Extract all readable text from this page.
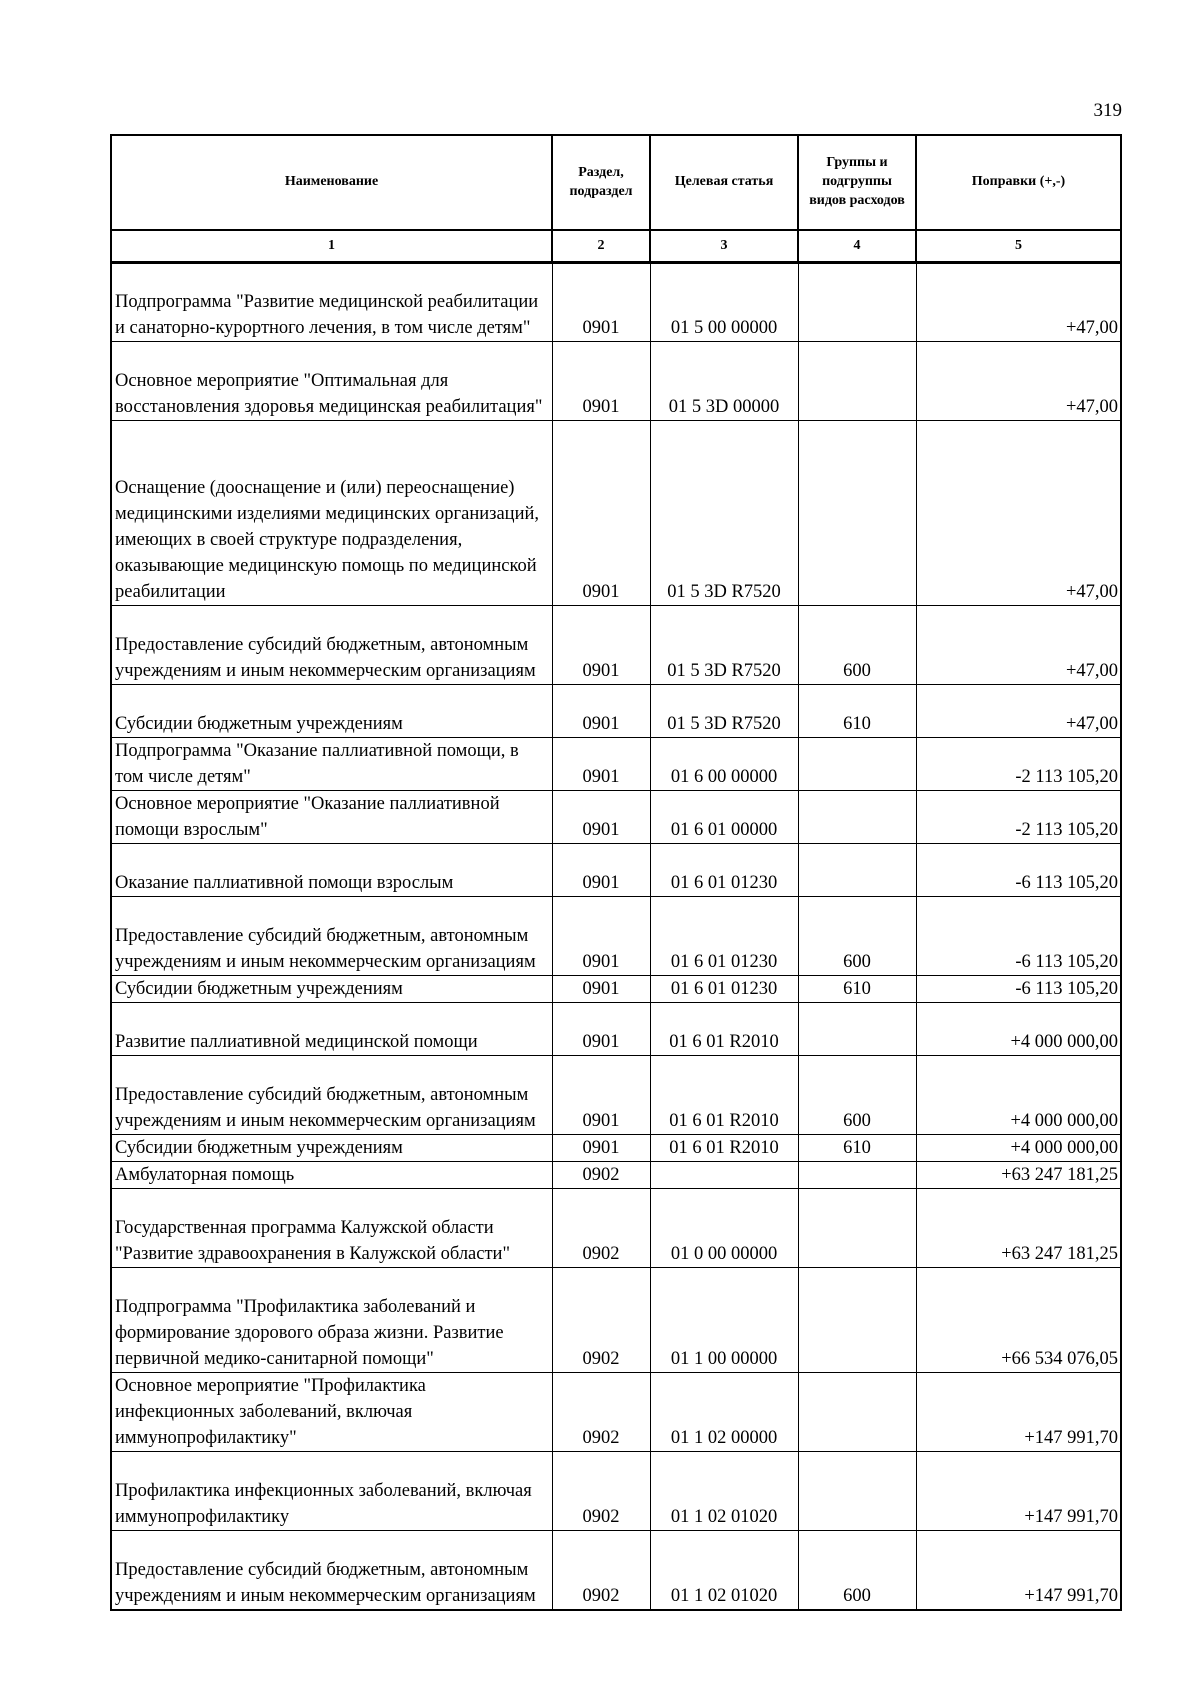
319
Наименование	Раздел, подраздел	Целевая статья	Группы и подгруппы видов расходов	Поправки (+,-)
1	2	3	4	5
Подпрограмма "Развитие медицинской реабилитации и санаторно-курортного лечения, в том числе детям"	0901	01 5 00 00000		+47,00
Основное мероприятие "Оптимальная для восстановления здоровья медицинская реабилитация"	0901	01 5 3D 00000		+47,00
Оснащение (дооснащение и (или) переоснащение) медицинскими изделиями медицинских организаций, имеющих в своей структуре подразделения, оказывающие медицинскую помощь по медицинской реабилитации	0901	01 5 3D R7520		+47,00
Предоставление субсидий бюджетным, автономным учреждениям и иным некоммерческим организациям	0901	01 5 3D R7520	600	+47,00
Субсидии бюджетным учреждениям	0901	01 5 3D R7520	610	+47,00
Подпрограмма "Оказание паллиативной помощи, в том числе детям"	0901	01 6 00 00000		-2 113 105,20
Основное мероприятие "Оказание паллиативной помощи взрослым"	0901	01 6 01 00000		-2 113 105,20
Оказание паллиативной помощи взрослым	0901	01 6 01 01230		-6 113 105,20
Предоставление субсидий бюджетным, автономным учреждениям и иным некоммерческим организациям	0901	01 6 01 01230	600	-6 113 105,20
Субсидии бюджетным учреждениям	0901	01 6 01 01230	610	-6 113 105,20
Развитие паллиативной медицинской помощи	0901	01 6 01 R2010		+4 000 000,00
Предоставление субсидий бюджетным, автономным учреждениям и иным некоммерческим организациям	0901	01 6 01 R2010	600	+4 000 000,00
Субсидии бюджетным учреждениям	0901	01 6 01 R2010	610	+4 000 000,00
Амбулаторная помощь	0902			+63 247 181,25
Государственная программа Калужской области "Развитие здравоохранения в Калужской области"	0902	01 0 00 00000		+63 247 181,25
Подпрограмма "Профилактика заболеваний и формирование здорового образа жизни. Развитие первичной медико-санитарной помощи"	0902	01 1 00 00000		+66 534 076,05
Основное мероприятие "Профилактика инфекционных заболеваний, включая иммунопрофилактику"	0902	01 1 02 00000		+147 991,70
Профилактика инфекционных заболеваний, включая иммунопрофилактику	0902	01 1 02 01020		+147 991,70
Предоставление субсидий бюджетным, автономным учреждениям и иным некоммерческим организациям	0902	01 1 02 01020	600	+147 991,70
